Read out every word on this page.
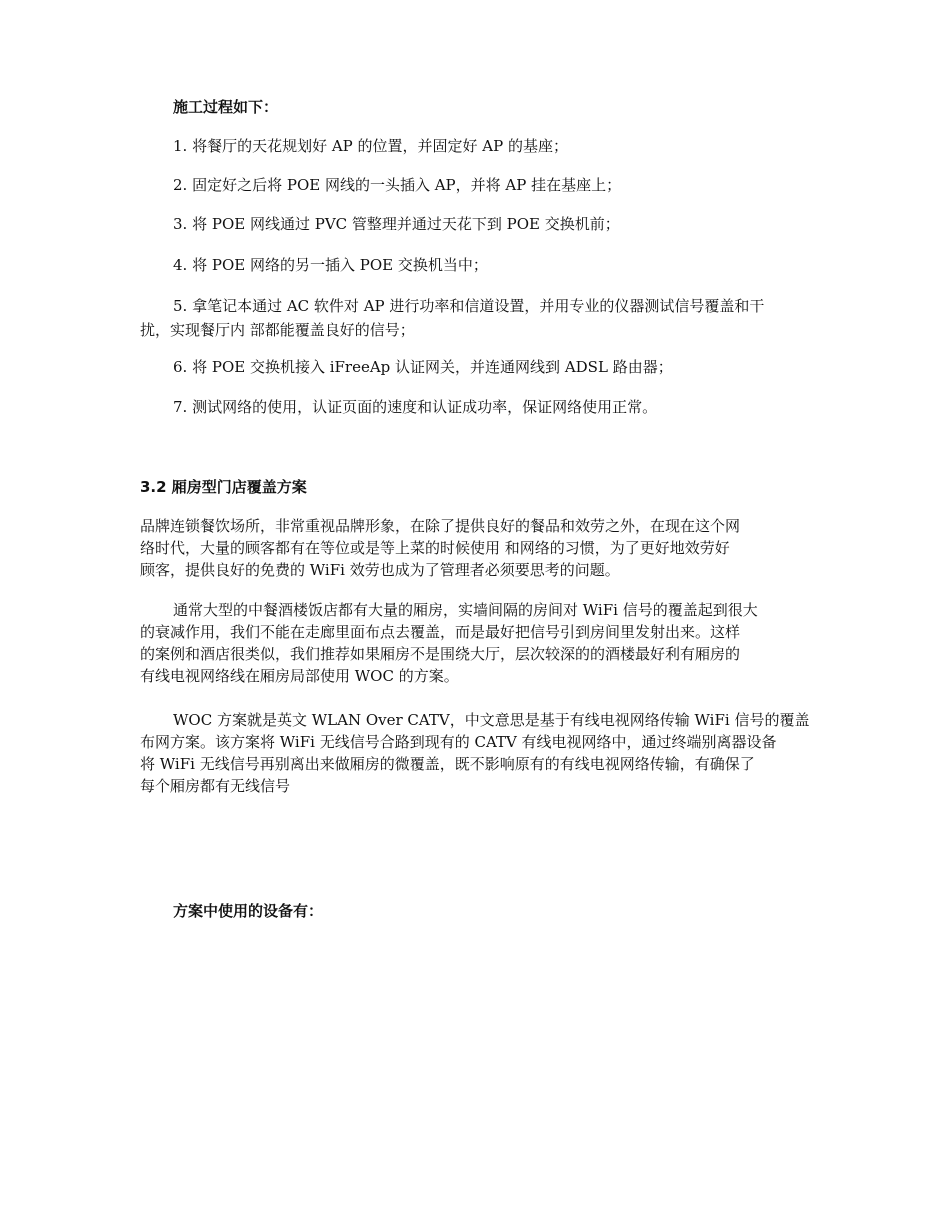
施工过程如下：
1. 将餐厅的天花规划好 AP 的位置，并固定好 AP 的基座；
2. 固定好之后将 POE 网线的一头插入 AP，并将 AP 挂在基座上；
3. 将 POE 网线通过 PVC 管整理并通过天花下到 POE 交换机前；
4. 将 POE 网络的另一插入 POE 交换机当中；
5. 拿笔记本通过 AC 软件对 AP 进行功率和信道设置，并用专业的仪器测试信号覆盖和干
扰，实现餐厅内 部都能覆盖良好的信号；
6. 将 POE 交换机接入 iFreeAp 认证网关，并连通网线到 ADSL 路由器；
7. 测试网络的使用，认证页面的速度和认证成功率，保证网络使用正常。
3.2 厢房型门店覆盖方案
品牌连锁餐饮场所，非常重视品牌形象，在除了提供良好的餐品和效劳之外，在现在这个网
络时代，大量的顾客都有在等位或是等上菜的时候使用 和网络的习惯，为了更好地效劳好
顾客，提供良好的免费的 WiFi 效劳也成为了管理者必须要思考的问题。
通常大型的中餐酒楼饭店都有大量的厢房，实墙间隔的房间对 WiFi 信号的覆盖起到很大
的衰减作用，我们不能在走廊里面布点去覆盖，而是最好把信号引到房间里发射出来。这样
的案例和酒店很类似，我们推荐如果厢房不是围绕大厅，层次较深的的酒楼最好利有厢房的
有线电视网络线在厢房局部使用 WOC 的方案。
WOC 方案就是英文 WLAN Over CATV，中文意思是基于有线电视网络传输 WiFi 信号的覆盖
布网方案。该方案将 WiFi 无线信号合路到现有的 CATV 有线电视网络中，通过终端别离器设备
将 WiFi 无线信号再别离出来做厢房的微覆盖，既不影响原有的有线电视网络传输，有确保了
每个厢房都有无线信号
方案中使用的设备有：
